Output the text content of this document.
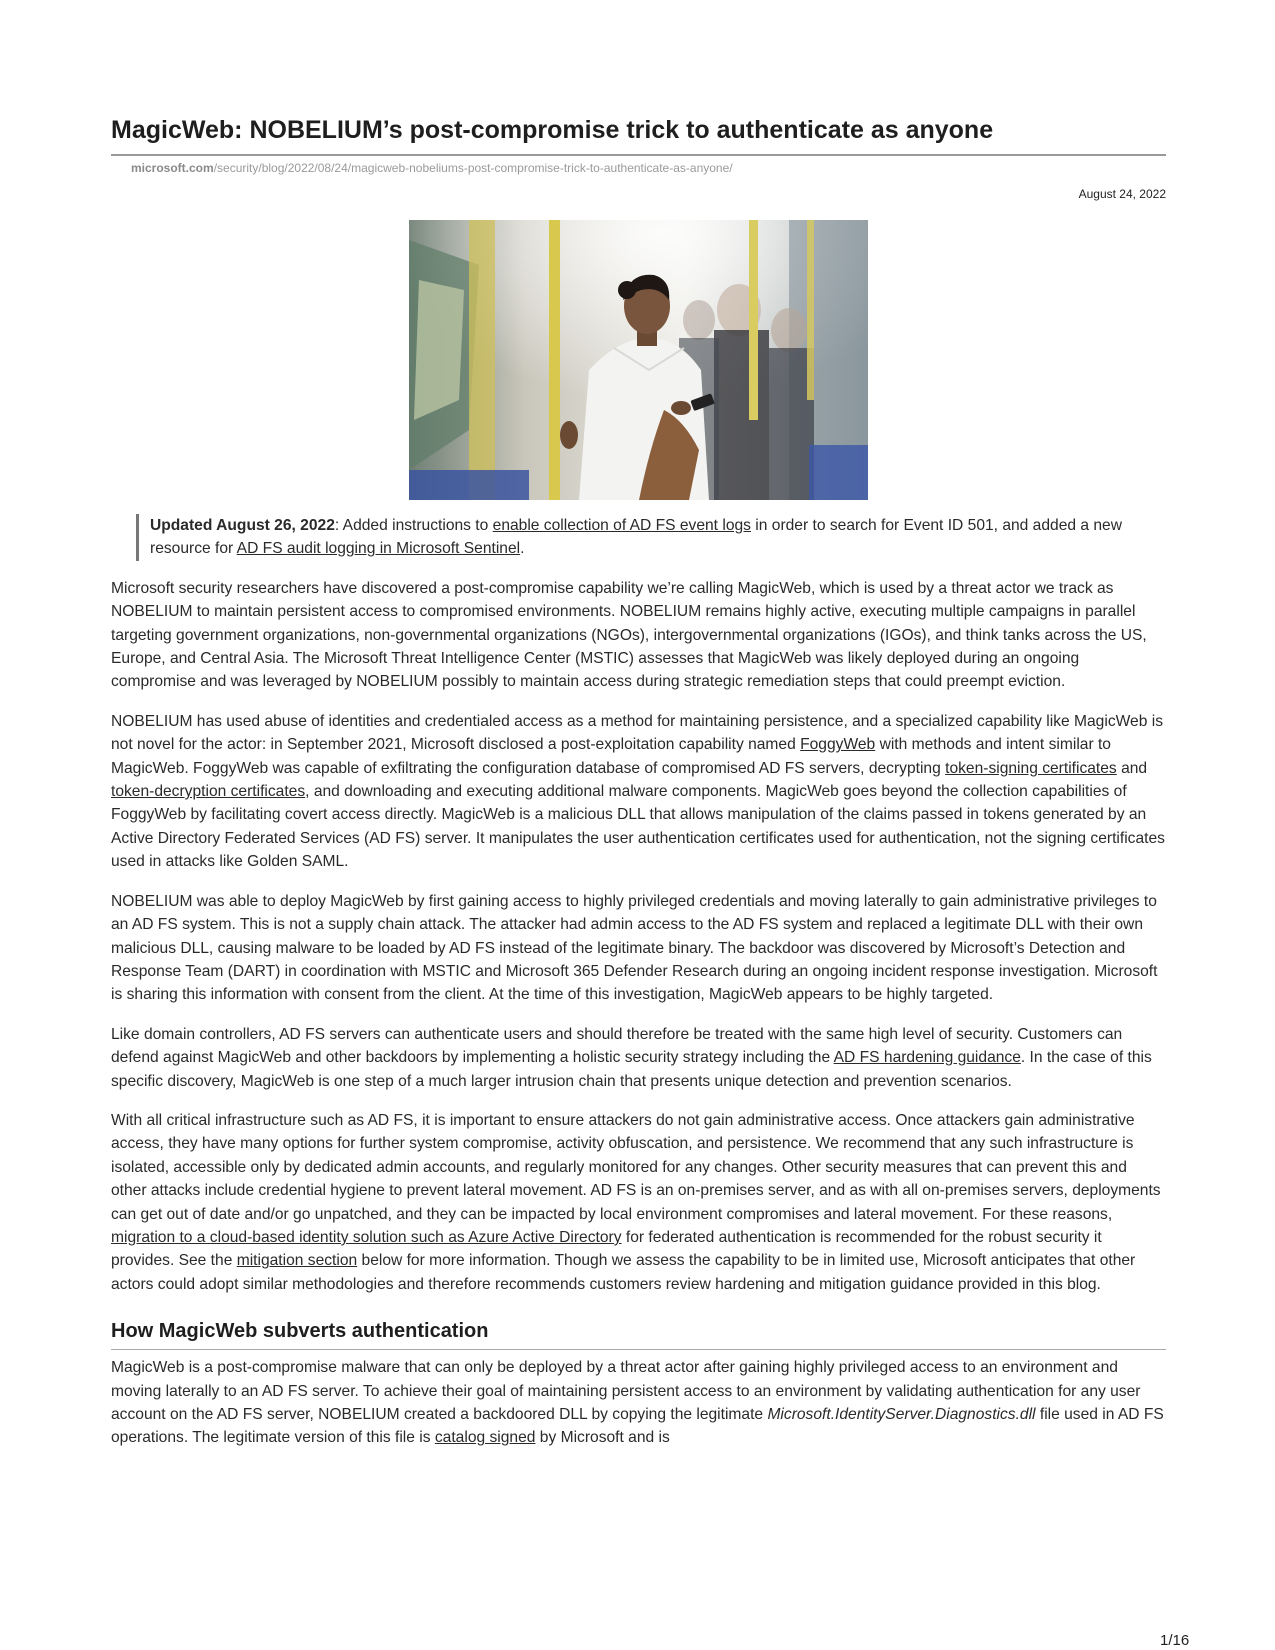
MagicWeb: NOBELIUM’s post-compromise trick to authenticate as anyone
microsoft.com/security/blog/2022/08/24/magicweb-nobeliums-post-compromise-trick-to-authenticate-as-anyone/
August 24, 2022

Updated August 26, 2022: Added instructions to enable collection of AD FS event logs in order to search for Event ID 501, and added a new resource for AD FS audit logging in Microsoft Sentinel.

Microsoft security researchers have discovered a post-compromise capability we’re calling MagicWeb, which is used by a threat actor we track as NOBELIUM to maintain persistent access to compromised environments. NOBELIUM remains highly active, executing multiple campaigns in parallel targeting government organizations, non-governmental organizations (NGOs), intergovernmental organizations (IGOs), and think tanks across the US, Europe, and Central Asia. The Microsoft Threat Intelligence Center (MSTIC) assesses that MagicWeb was likely deployed during an ongoing compromise and was leveraged by NOBELIUM possibly to maintain access during strategic remediation steps that could preempt eviction.

NOBELIUM has used abuse of identities and credentialed access as a method for maintaining persistence, and a specialized capability like MagicWeb is not novel for the actor: in September 2021, Microsoft disclosed a post-exploitation capability named FoggyWeb with methods and intent similar to MagicWeb. FoggyWeb was capable of exfiltrating the configuration database of compromised AD FS servers, decrypting token-signing certificates and token-decryption certificates, and downloading and executing additional malware components. MagicWeb goes beyond the collection capabilities of FoggyWeb by facilitating covert access directly. MagicWeb is a malicious DLL that allows manipulation of the claims passed in tokens generated by an Active Directory Federated Services (AD FS) server. It manipulates the user authentication certificates used for authentication, not the signing certificates used in attacks like Golden SAML.

NOBELIUM was able to deploy MagicWeb by first gaining access to highly privileged credentials and moving laterally to gain administrative privileges to an AD FS system. This is not a supply chain attack. The attacker had admin access to the AD FS system and replaced a legitimate DLL with their own malicious DLL, causing malware to be loaded by AD FS instead of the legitimate binary. The backdoor was discovered by Microsoft’s Detection and Response Team (DART) in coordination with MSTIC and Microsoft 365 Defender Research during an ongoing incident response investigation. Microsoft is sharing this information with consent from the client. At the time of this investigation, MagicWeb appears to be highly targeted.

Like domain controllers, AD FS servers can authenticate users and should therefore be treated with the same high level of security. Customers can defend against MagicWeb and other backdoors by implementing a holistic security strategy including the AD FS hardening guidance. In the case of this specific discovery, MagicWeb is one step of a much larger intrusion chain that presents unique detection and prevention scenarios.

With all critical infrastructure such as AD FS, it is important to ensure attackers do not gain administrative access. Once attackers gain administrative access, they have many options for further system compromise, activity obfuscation, and persistence. We recommend that any such infrastructure is isolated, accessible only by dedicated admin accounts, and regularly monitored for any changes. Other security measures that can prevent this and other attacks include credential hygiene to prevent lateral movement. AD FS is an on-premises server, and as with all on-premises servers, deployments can get out of date and/or go unpatched, and they can be impacted by local environment compromises and lateral movement. For these reasons, migration to a cloud-based identity solution such as Azure Active Directory for federated authentication is recommended for the robust security it provides. See the mitigation section below for more information. Though we assess the capability to be in limited use, Microsoft anticipates that other actors could adopt similar methodologies and therefore recommends customers review hardening and mitigation guidance provided in this blog.

How MagicWeb subverts authentication

MagicWeb is a post-compromise malware that can only be deployed by a threat actor after gaining highly privileged access to an environment and moving laterally to an AD FS server. To achieve their goal of maintaining persistent access to an environment by validating authentication for any user account on the AD FS server, NOBELIUM created a backdoored DLL by copying the legitimate Microsoft.IdentityServer.Diagnostics.dll file used in AD FS operations. The legitimate version of this file is catalog signed by Microsoft and is

1/16
